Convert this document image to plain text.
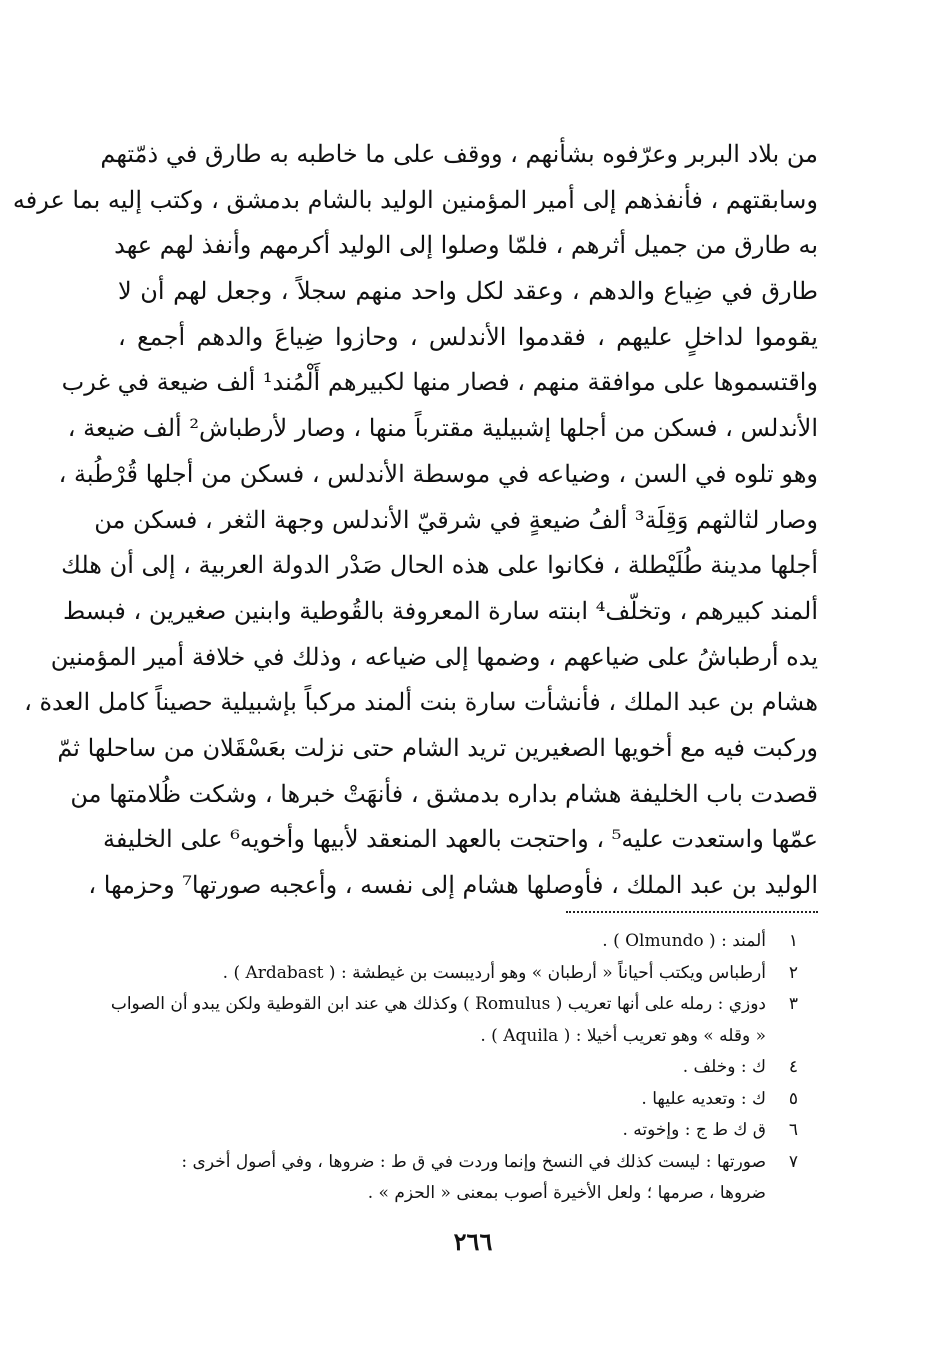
من بلاد البربر وعرّفوه بشأنهم ، ووقف على ما خاطبه به طارق في ذمّتهم
وسابقتهم ، فأنفذهم إلى أمير المؤمنين الوليد بالشام بدمشق ، وكتب إليه بما عرفه
به طارق من جميل أثرهم ، فلمّا وصلوا إلى الوليد أكرمهم وأنفذ لهم عهد
طارق في ضِياع والدهم ، وعقد لكل واحد منهم سجلاً ، وجعل لهم أن لا
يقوموا لداخلٍ عليهم ، فقدموا الأندلس ، وحازوا ضِياعَ والدهم أجمع ،
واقتسموها على موافقة منهم ، فصار منها لكبيرهم أَلْمُند¹ ألف ضيعة في غرب
الأندلس ، فسكن من أجلها إشبيلية مقترباً منها ، وصار لأرطباش² ألف ضيعة ،
وهو تلوه في السن ، وضياعه في موسطة الأندلس ، فسكن من أجلها قُرْطُبة ،
وصار لثالثهم وَقِلَة³ ألفُ ضيعةٍ في شرقيّ الأندلس وجهة الثغر ، فسكن من
أجلها مدينة طُلَيْطلة ، فكانوا على هذه الحال صَدْر الدولة العربية ، إلى أن هلك
ألمند كبيرهم ، وتخلّف⁴ ابنته سارة المعروفة بالقُوطية وابنين صغيرين ، فبسط
يده أرطباشُ على ضياعهم ، وضمها إلى ضياعه ، وذلك في خلافة أمير المؤمنين
هشام بن عبد الملك ، فأنشأت سارة بنت ألمند مركباً بإشبيلية حصيناً كامل العدة ،
وركبت فيه مع أخويها الصغيرين تريد الشام حتى نزلت بعَسْقَلان من ساحلها ثمّ
قصدت باب الخليفة هشام بداره بدمشق ، فأنهَتْ خبرها ، وشكت ظُلامتها من
عمّها واستعدت عليه⁵ ، واحتجت بالعهد المنعقد لأبيها وأخويه⁶ على الخليفة
الوليد بن عبد الملك ، فأوصلها هشام إلى نفسه ، وأعجبه صورتها⁷ وحزمها ،
١
ألمند : ( Olmundo ) .
٢
أرطباس ويكتب أحياناً « أرطبان » وهو أرديبست بن غيطشة : ( Ardabast ) .
٣
دوزي : رمله على أنها تعريب ( Romulus ) وكذلك هي عند ابن القوطية ولكن يبدو أن الصواب
« وقله » وهو تعريب أخيلا : ( Aquila ) .
٤
ك : وخلف .
٥
ك : وتعديه عليها .
٦
ق ك ط ج : وإخوته .
٧
صورتها : ليست كذلك في النسخ وإنما وردت في ق ط : ضروها ، وفي أصول أخرى :
ضروها ، صرمها ؛ ولعل الأخيرة أصوب بمعنى « الحزم » .
٢٦٦
